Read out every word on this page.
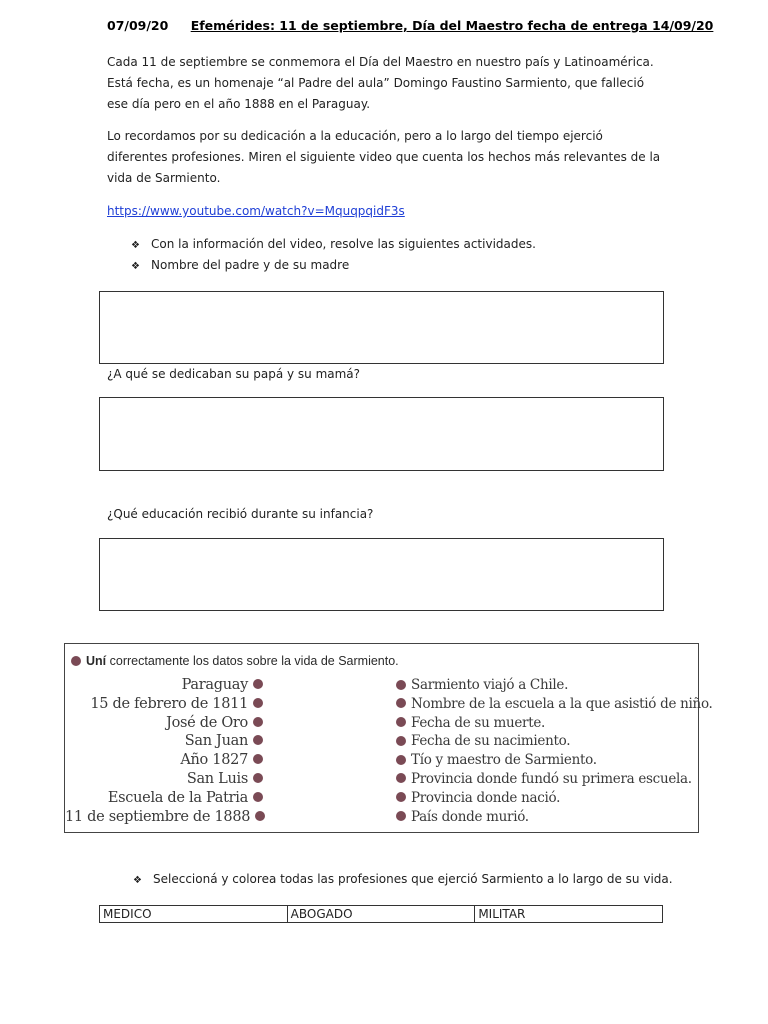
07/09/20 Efemérides: 11 de septiembre, Día del Maestro fecha de entrega 14/09/20
Cada 11 de septiembre se conmemora el Día del Maestro en nuestro país y Latinoamérica. Está fecha, es un homenaje “al Padre del aula” Domingo Faustino Sarmiento, que falleció ese día pero en el año 1888 en el Paraguay.
Lo recordamos por su dedicación a la educación, pero a lo largo del tiempo ejerció diferentes profesiones. Miren el siguiente video que cuenta los hechos más relevantes de la vida de Sarmiento.
https://www.youtube.com/watch?v=MquqpqidF3s
❖ Con la información del video, resolve las siguientes actividades.
❖ Nombre del padre y de su madre
¿A qué se dedicaban su papá y su mamá?
¿Qué educación recibió durante su infancia?
Uní correctamente los datos sobre la vida de Sarmiento.
Paraguay
15 de febrero de 1811
José de Oro
San Juan
Año 1827
San Luis
Escuela de la Patria
11 de septiembre de 1888
Sarmiento viajó a Chile.
Nombre de la escuela a la que asistió de niño.
Fecha de su muerte.
Fecha de su nacimiento.
Tío y maestro de Sarmiento.
Provincia donde fundó su primera escuela.
Provincia donde nació.
País donde murió.
❖ Seleccioná y colorea todas las profesiones que ejerció Sarmiento a lo largo de su vida.
MEDICO	ABOGADO	MILITAR
